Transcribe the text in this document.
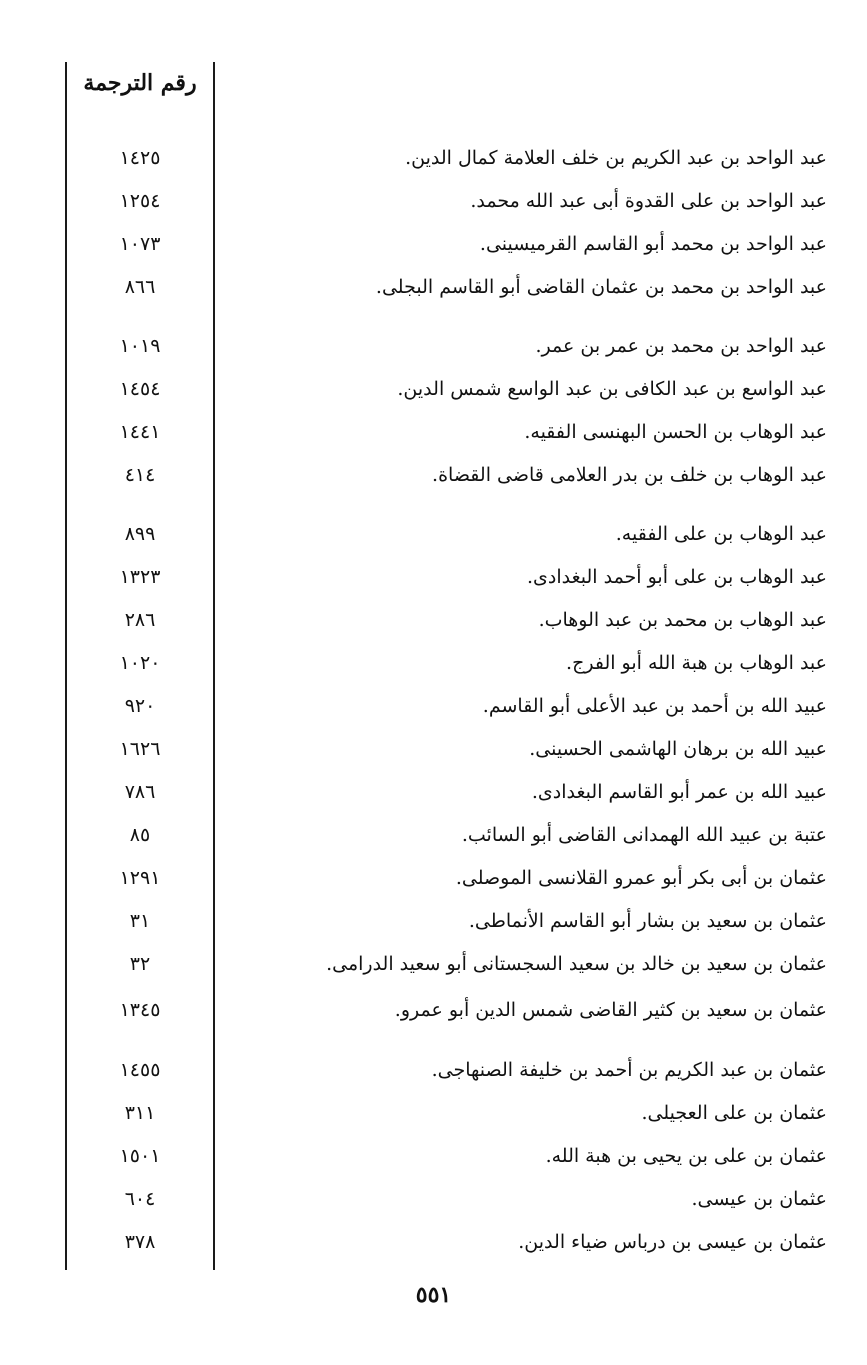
رقم الترجمة
عبد الواحد بن عبد الكريم بن خلف العلامة كمال الدين.
١٤٢٥
عبد الواحد بن على القدوة أبى عبد الله محمد.
١٢٥٤
عبد الواحد بن محمد أبو القاسم القرميسينى.
١٠٧٣
عبد الواحد بن محمد بن عثمان القاضى أبو القاسم البجلى.
٨٦٦
عبد الواحد بن محمد بن عمر بن عمر.
١٠١٩
عبد الواسع بن عبد الكافى بن عبد الواسع شمس الدين.
١٤٥٤
عبد الوهاب بن الحسن البهنسى الفقيه.
١٤٤١
عبد الوهاب بن خلف بن بدر العلامى قاضى القضاة.
٤١٤
عبد الوهاب بن على الفقيه.
٨٩٩
عبد الوهاب بن على أبو أحمد البغدادى.
١٣٢٣
عبد الوهاب بن محمد بن عبد الوهاب.
٢٨٦
عبد الوهاب بن هبة الله أبو الفرج.
١٠٢٠
عبيد الله بن أحمد بن عبد الأعلى أبو القاسم.
٩٢٠
عبيد الله بن برهان الهاشمى الحسينى.
١٦٢٦
عبيد الله بن عمر أبو القاسم البغدادى.
٧٨٦
عتبة بن عبيد الله الهمدانى القاضى أبو السائب.
٨٥
عثمان بن أبى بكر أبو عمرو القلانسى الموصلى.
١٢٩١
عثمان بن سعيد بن بشار أبو القاسم الأنماطى.
٣١
عثمان بن سعيد بن خالد بن سعيد السجستانى أبو سعيد الدرامى.
٣٢
عثمان بن سعيد بن كثير القاضى شمس الدين أبو عمرو.
١٣٤٥
عثمان بن عبد الكريم بن أحمد بن خليفة الصنهاجى.
١٤٥٥
عثمان بن على العجيلى.
٣١١
عثمان بن على بن يحيى بن هبة الله.
١٥٠١
عثمان بن عيسى.
٦٠٤
عثمان بن عيسى بن درباس ضياء الدين.
٣٧٨
٥٥١
